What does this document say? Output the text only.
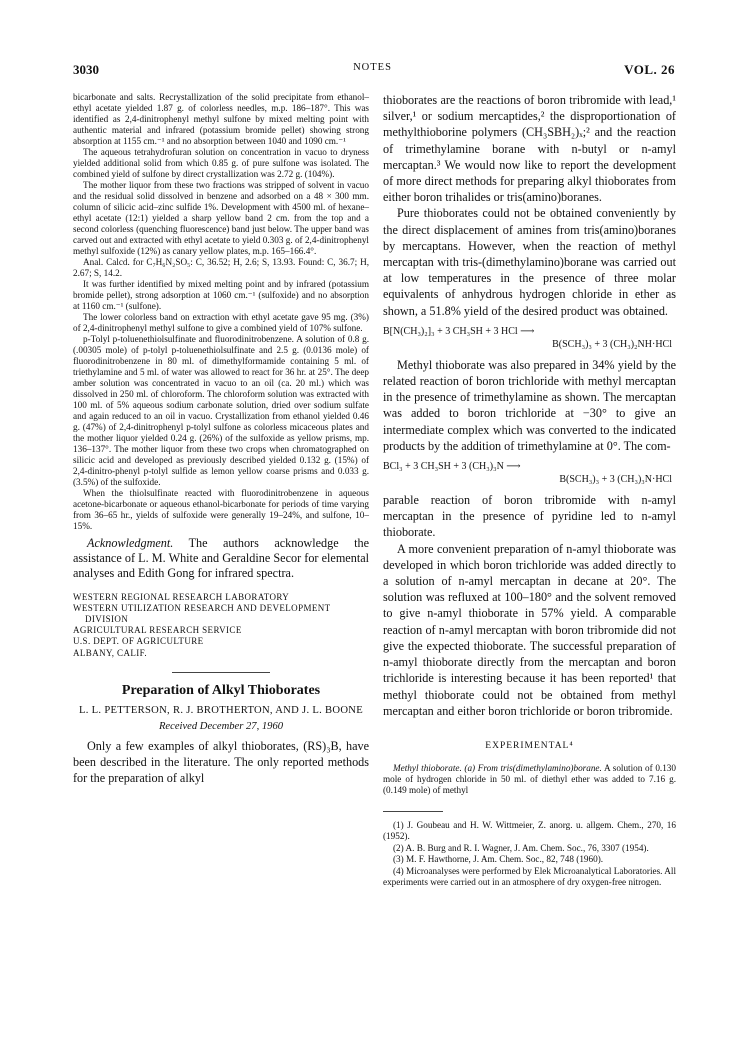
3030	NOTES	VOL. 26

bicarbonate and salts. Recrystallization of the solid precipitate from ethanol–ethyl acetate yielded 1.87 g. of colorless needles, m.p. 186–187°. This was identified as 2,4-dinitrophenyl methyl sulfone by mixed melting point with authentic material and infrared (potassium bromide pellet) showing strong absorption at 1155 cm.⁻¹ and no absorption between 1040 and 1090 cm.⁻¹

The aqueous tetrahydrofuran solution on concentration in vacuo to dryness yielded additional solid from which 0.85 g. of pure sulfone was isolated. The combined yield of sulfone by direct crystallization was 2.72 g. (104%).

The mother liquor from these two fractions was stripped of solvent in vacuo and the residual solid dissolved in benzene and adsorbed on a 48 × 300 mm. column of silicic acid–zinc sulfide 1%. Development with 4500 ml. of hexane–ethyl acetate (12:1) yielded a sharp yellow band 2 cm. from the top and a second colorless (quenching fluorescence) band just below. The upper band was carved out and extracted with ethyl acetate to yield 0.303 g. of 2,4-dinitrophenyl methyl sulfoxide (12%) as canary yellow plates, m.p. 165–166.4°.

Anal. Calcd. for C₇H₆N₂SO₅: C, 36.52; H, 2.6; S, 13.93. Found: C, 36.7; H, 2.67; S, 14.2.

It was further identified by mixed melting point and by infrared (potassium bromide pellet), strong adsorption at 1060 cm.⁻¹ (sulfoxide) and no absorption at 1160 cm.⁻¹ (sulfone).

The lower colorless band on extraction with ethyl acetate gave 95 mg. (3%) of 2,4-dinitrophenyl methyl sulfone to give a combined yield of 107% sulfone.

p-Tolyl p-toluenethiolsulfinate and fluorodinitrobenzene. A solution of 0.8 g. (.00305 mole) of p-tolyl p-toluenethiolsulfinate and 2.5 g. (0.0136 mole) of fluorodinitrobenzene in 80 ml. of dimethylformamide containing 5 ml. of triethylamine and 5 ml. of water was allowed to react for 36 hr. at 25°. The deep amber solution was concentrated in vacuo to an oil (ca. 20 ml.) which was dissolved in 250 ml. of chloroform. The chloroform solution was extracted with 100 ml. of 5% aqueous sodium carbonate solution, dried over sodium sulfate and again reduced to an oil in vacuo. Crystallization from ethanol yielded 0.46 g. (47%) of 2,4-dinitrophenyl p-tolyl sulfone as colorless micaceous plates and the mother liquor yielded 0.24 g. (26%) of the sulfoxide as yellow prisms, mp. 136–137°. The mother liquor from these two crops when chromatographed on silicic acid and developed as previously described yielded 0.132 g. (15%) of 2,4-dinitro-phenyl p-tolyl sulfide as lemon yellow coarse prisms and 0.033 g. (3.5%) of the sulfoxide.

When the thiolsulfinate reacted with fluorodinitrobenzene in aqueous acetone-bicarbonate or aqueous ethanol-bicarbonate for periods of time varying from 36–65 hr., yields of sulfoxide were generally 19–24%, and sulfone, 10–15%.

Acknowledgment. The authors acknowledge the assistance of L. M. White and Geraldine Secor for elemental analyses and Edith Gong for infrared spectra.

WESTERN REGIONAL RESEARCH LABORATORY
WESTERN UTILIZATION RESEARCH AND DEVELOPMENT
DIVISION
AGRICULTURAL RESEARCH SERVICE
U.S. DEPT. OF AGRICULTURE
ALBANY, CALIF.

Preparation of Alkyl Thioborates

L. L. PETTERSON, R. J. BROTHERTON, AND J. L. BOONE

Received December 27, 1960

Only a few examples of alkyl thioborates, (RS)₃B, have been described in the literature. The only reported methods for the preparation of alkyl

thioborates are the reactions of boron tribromide with lead,¹ silver,¹ or sodium mercaptides,² the disproportionation of methylthioborine polymers (CH₃SBH₂)ₓ;² and the reaction of trimethylamine borane with n-butyl or n-amyl mercaptan.³ We would now like to report the development of more direct methods for preparing alkyl thioborates from either boron trihalides or tris(amino)boranes.

Pure thioborates could not be obtained conveniently by the direct displacement of amines from tris(amino)boranes by mercaptans. However, when the reaction of methyl mercaptan with tris-(dimethylamino)borane was carried out at low temperatures in the presence of three molar equivalents of anhydrous hydrogen chloride in ether as shown, a 51.8% yield of the desired product was obtained.

B[N(CH₃)₂]₃ + 3 CH₃SH + 3 HCl ⟶
B(SCH₃)₃ + 3 (CH₃)₂NH·HCl

Methyl thioborate was also prepared in 34% yield by the related reaction of boron trichloride with methyl mercaptan in the presence of trimethylamine as shown. The mercaptan was added to boron trichloride at −30° to give an intermediate complex which was converted to the indicated products by the addition of trimethylamine at 0°. The com-

BCl₃ + 3 CH₃SH + 3 (CH₃)₃N ⟶
B(SCH₃)₃ + 3 (CH₃)₃N·HCl

parable reaction of boron tribromide with n-amyl mercaptan in the presence of pyridine led to n-amyl thioborate.

A more convenient preparation of n-amyl thioborate was developed in which boron trichloride was added directly to a solution of n-amyl mercaptan in decane at 20°. The solution was refluxed at 100–180° and the solvent removed to give n-amyl thioborate in 57% yield. A comparable reaction of n-amyl mercaptan with boron tribromide did not give the expected thioborate. The successful preparation of n-amyl thioborate directly from the mercaptan and boron trichloride is interesting because it has been reported¹ that methyl thioborate could not be obtained from methyl mercaptan and either boron trichloride or boron tribromide.

EXPERIMENTAL⁴

Methyl thioborate. (a) From tris(dimethylamino)borane. A solution of 0.130 mole of hydrogen chloride in 50 ml. of diethyl ether was added to 7.16 g. (0.149 mole) of methyl

(1) J. Goubeau and H. W. Wittmeier, Z. anorg. u. allgem. Chem., 270, 16 (1952).

(2) A. B. Burg and R. I. Wagner, J. Am. Chem. Soc., 76, 3307 (1954).

(3) M. F. Hawthorne, J. Am. Chem. Soc., 82, 748 (1960).

(4) Microanalyses were performed by Elek Microanalytical Laboratories. All experiments were carried out in an atmosphere of dry oxygen-free nitrogen.
